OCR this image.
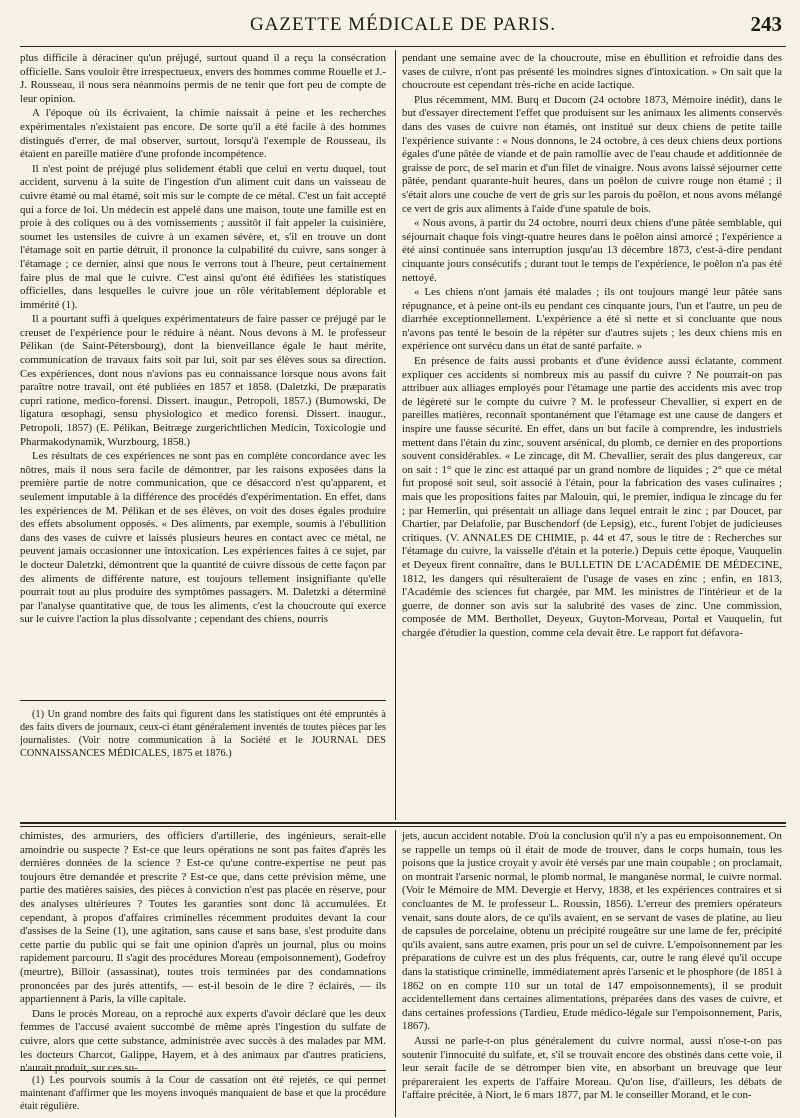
GAZETTE MÉDICALE DE PARIS.	243

plus difficile à déraciner qu'un préjugé, surtout quand il a reçu la consécration officielle. Sans vouloir être irrespectueux, envers des hommes comme Rouelle et J.-J. Rousseau, il nous sera néanmoins permis de ne tenir que fort peu de compte de leur opinion.

A l'époque où ils écrivaient, la chimie naissait à peine et les recherches expérimentales n'existaient pas encore. De sorte qu'il a été facile à des hommes distingués d'errer, de mal observer, surtout, lorsqu'à l'exemple de Rousseau, ils étaient en pareille matière d'une profonde incompétence.

Il n'est point de préjugé plus solidement établi que celui en vertu duquel, tout accident, survenu à la suite de l'ingestion d'un aliment cuit dans un vaisseau de cuivre étamé ou mal étamé, soit mis sur le compte de ce métal. C'est un fait accepté qui a force de loi. Un médecin est appelé dans une maison, toute une famille est en proie à des coliques ou à des vomissements ; aussitôt il fait appeler la cuisinière, soumet les ustensiles de cuivre à un examen sévère, et, s'il en trouve un dont l'étamage soit en partie détruit, il prononce la culpabilité du cuivre, sans songer à l'étamage ; ce dernier, ainsi que nous le verrons tout à l'heure, peut certainement faire plus de mal que le cuivre. C'est ainsi qu'ont été édifiées les statistiques officielles, dans lesquelles le cuivre joue un rôle véritablement déplorable et immérité (1).

Il a pourtant suffi à quelques expérimentateurs de faire passer ce préjugé par le creuset de l'expérience pour le réduire à néant. Nous devons à M. le professeur Pélikan (de Saint-Pétersbourg), dont la bienveillance égale le haut mérite, communication de travaux faits soit par lui, soit par ses élèves sous sa direction. Ces expériences, dont nous n'avions pas eu connaissance lorsque nous avons fait paraître notre travail, ont été publiées en 1857 et 1858. (Daletzki, De præparatis cupri ratione, medico-forensi. Dissert. inaugur., Petropoli, 1857.) (Bumowski, De ligatura œsophagi, sensu physiologico et medico forensi. Dissert. inaugur., Petropoli, 1857) (E. Pélikan, Beitræge zurgerichtlichen Medicin, Toxicologie und Pharmakodynamik, Wurzbourg, 1858.)

Les résultats de ces expériences ne sont pas en complète concordance avec les nôtres, mais il nous sera facile de démontrer, par les raisons exposées dans la première partie de notre communication, que ce désaccord n'est qu'apparent, et seulement imputable à la différence des procédés d'expérimentation. En effet, dans les expériences de M. Pélikan et de ses élèves, on voit des doses égales produire des effets absolument opposés. « Des aliments, par exemple, soumis à l'ébullition dans des vases de cuivre et laissés plusieurs heures en contact avec ce métal, ne peuvent jamais occasionner une intoxication. Les expériences faites à ce sujet, par le docteur Daletzki, démontrent que la quantité de cuivre dissous de cette façon par des aliments de différente nature, est toujours tellement insignifiante qu'elle pourrait tout au plus produire des symptômes passagers. M. Daletzki a déterminé par l'analyse quantitative que, de tous les aliments, c'est la choucroute qui exerce sur le cuivre l'action la plus dissolvante ; cependant des chiens, nourris

(1) Un grand nombre des faits qui figurent dans les statistiques ont été empruntés à des faits divers de journaux, ceux-ci étant généralement inventés de toutes pièces par les journalistes. (Voir notre communication à la Société et le JOURNAL DES CONNAISSANCES MÉDICALES, 1875 et 1876.)

pendant une semaine avec de la choucroute, mise en ébullition et refroidie dans des vases de cuivre, n'ont pas présenté les moindres signes d'intoxication. » On sait que la choucroute est cependant très-riche en acide lactique.

Plus récemment, MM. Burq et Ducom (24 octobre 1873, Mémoire inédit), dans le but d'essayer directement l'effet que produisent sur les animaux les aliments conservés dans des vases de cuivre non étamés, ont institué sur deux chiens de petite taille l'expérience suivante : « Nous donnons, le 24 octobre, à ces deux chiens deux portions égales d'une pâtée de viande et de pain ramollie avec de l'eau chaude et additionnée de graisse de porc, de sel marin et d'un filet de vinaigre. Nous avons laissé séjourner cette pâtée, pendant quarante-huit heures, dans un poêlon de cuivre rouge non étamé ; il s'était alors une couche de vert de gris sur les parois du poêlon, et nous avons mélangé ce vert de gris aux aliments à l'aide d'une spatule de bois.

« Nous avons, à partir du 24 octobre, nourri deux chiens d'une pâtée semblable, qui séjournait chaque fois vingt-quatre heures dans le poêlon ainsi amorcé ; l'expérience a été ainsi continuée sans interruption jusqu'au 13 décembre 1873, c'est-à-dire pendant cinquante jours consécutifs ; durant tout le temps de l'expérience, le poêlon n'a pas été nettoyé.

« Les chiens n'ont jamais été malades ; ils ont toujours mangé leur pâtée sans répugnance, et à peine ont-ils eu pendant ces cinquante jours, l'un et l'autre, un peu de diarrhée exceptionnellement. L'expérience a été si nette et si concluante que nous n'avons pas tenté le besoin de la répéter sur d'autres sujets ; les deux chiens mis en expérience ont survécu dans un état de santé parfaite. »

En présence de faits aussi probants et d'une évidence aussi éclatante, comment expliquer ces accidents si nombreux mis au passif du cuivre ? Ne pourrait-on pas attribuer aux alliages employés pour l'étamage une partie des accidents mis avec trop de légèreté sur le compte du cuivre ? M. le professeur Chevallier, si expert en de pareilles matières, reconnaît spontanément que l'étamage est une cause de dangers et inspire une fausse sécurité. En effet, dans un but facile à comprendre, les industriels mettent dans l'étain du zinc, souvent arsénical, du plomb, ce dernier en des proportions souvent considérables. « Le zincage, dit M. Chevallier, serait des plus dangereux, car on sait : 1° que le zinc est attaqué par un grand nombre de liquides ; 2° que ce métal fut proposé soit seul, soit associé à l'étain, pour la fabrication des vases culinaires ; mais que les propositions faites par Malouin, qui, le premier, indiqua le zincage du fer ; par Hemerlin, qui présentait un alliage dans lequel entrait le zinc ; par Doucet, par Chartier, par Delafolie, par Buschendorf (de Lepsig), etc., furent l'objet de judicieuses critiques. (V. ANNALES DE CHIMIE, p. 44 et 47, sous le titre de : Recherches sur l'étamage du cuivre, la vaisselle d'étain et la poterie.) Depuis cette époque, Vauquelin et Deyeux firent connaître, dans le BULLETIN DE L'ACADÉMIE DE MÉDECINE, 1812, les dangers qui résulteraient de l'usage de vases en zinc ; enfin, en 1813, l'Académie des sciences fut chargée, par MM. les ministres de l'intérieur et de la guerre, de donner son avis sur la salubrité des vases de zinc. Une commission, composée de MM. Berthollet, Deyeux, Guyton-Morveau, Portal et Vauquelin, fut chargée d'étudier la question, comme cela devait être. Le rapport fut défavora-

chimistes, des armuriers, des officiers d'artillerie, des ingénieurs, serait-elle amoindrie ou suspecte ? Est-ce que leurs opérations ne sont pas faites d'après les dernières données de la science ? Est-ce qu'une contre-expertise ne peut pas toujours être demandée et prescrite ? Est-ce que, dans cette prévision même, une partie des matières saisies, des pièces à conviction n'est pas placée en réserve, pour des analyses ultérieures ? Toutes les garanties sont donc là accumulées. Et cependant, à propos d'affaires criminelles récemment produites devant la cour d'assises de la Seine (1), une agitation, sans cause et sans base, s'est produite dans cette partie du public qui se fait une opinion d'après un journal, plus ou moins rapidement parcouru. Il s'agit des procédures Moreau (empoisonnement), Godefroy (meurtre), Billoir (assassinat), toutes trois terminées par des condamnations prononcées par des jurés attentifs, — est-il besoin de le dire ? éclairés, — ils appartiennent à Paris, la ville capitale.

Dans le procès Moreau, on a reproché aux experts d'avoir déclaré que les deux femmes de l'accusé avaient succombé de même après l'ingestion du sulfate de cuivre, alors que cette substance, administrée avec succès à des malades par MM. les docteurs Charcot, Galippe, Hayem, et à des animaux par d'autres praticiens, n'aurait produit, sur ces su-

(1) Les pourvois soumis à la Cour de cassation ont été rejetés, ce qui permet maintenant d'affirmer que les moyens invoqués manquaient de base et que la procédure était régulière.

jets, aucun accident notable. D'où la conclusion qu'il n'y a pas eu empoisonnement. On se rappelle un temps où il était de mode de trouver, dans le corps humain, tous les poisons que la justice croyait y avoir été versés par une main coupable ; on proclamait, on montrait l'arsenic normal, le plomb normal, le manganèse normal, le cuivre normal. (Voir le Mémoire de MM. Devergie et Hervy, 1838, et les expériences contraires et si concluantes de M. le professeur L. Roussin, 1856). L'erreur des premiers opérateurs venait, sans doute alors, de ce qu'ils avaient, en se servant de vases de platine, au lieu de capsules de porcelaine, obtenu un précipité rougeâtre sur une lame de fer, précipité qu'ils avaient, sans autre examen, pris pour un sel de cuivre. L'empoisonnement par les préparations de cuivre est un des plus fréquents, car, outre le rang élevé qu'il occupe dans la statistique criminelle, immédiatement après l'arsenic et le phosphore (de 1851 à 1862 on en compte 110 sur un total de 147 empoisonnements), il se produit accidentellement dans certaines alimentations, préparées dans des vases de cuivre, et dans certaines professions (Tardieu, Etude médico-légale sur l'empoisonnement, Paris, 1867).

Aussi ne parle-t-on plus généralement du cuivre normal, aussi n'ose-t-on pas soutenir l'innocuité du sulfate, et, s'il se trouvait encore des obstinés dans cette voie, il leur serait facile de se détromper bien vite, en absorbant un breuvage que leur prépareraient les experts de l'affaire Moreau. Qu'on lise, d'ailleurs, les débats de l'affaire précitée, à Niort, le 6 mars 1877, par M. le conseiller Morand, et le con-
